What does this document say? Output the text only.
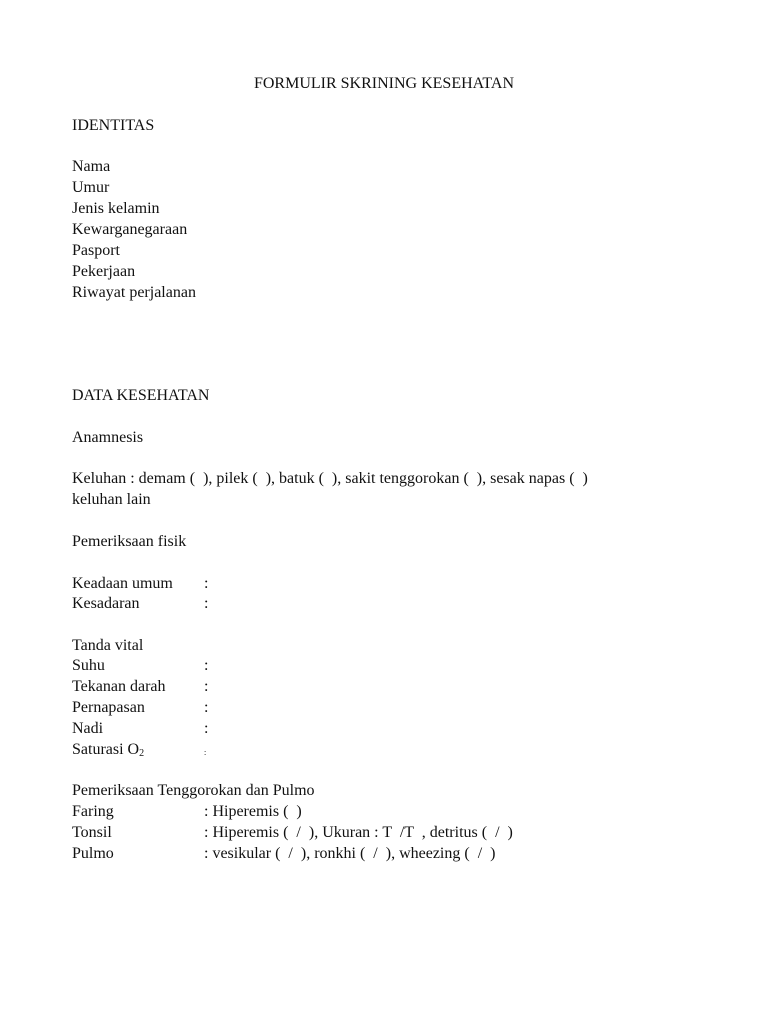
FORMULIR SKRINING KESEHATAN
IDENTITAS
Nama
Umur
Jenis kelamin
Kewarganegaraan
Pasport
Pekerjaan
Riwayat perjalanan
DATA KESEHATAN
Anamnesis
Keluhan : demam (  ), pilek (  ), batuk (  ), sakit tenggorokan (  ), sesak napas (  )
keluhan lain
Pemeriksaan fisik
Keadaan umum :
Kesadaran	:
Tanda vital
Suhu	:
Tekanan darah :
Pernapasan	:
Nadi	:
Saturasi $O_2$	:
Pemeriksaan Tenggorokan dan Pulmo
Faring	: Hiperemis (  )
Tonsil	: Hiperemis (  /  ), Ukuran : T  /T  , detritus (  /  )
Pulmo	: vesikular (  /  ), ronkhi (  /  ), wheezing (  /  )
